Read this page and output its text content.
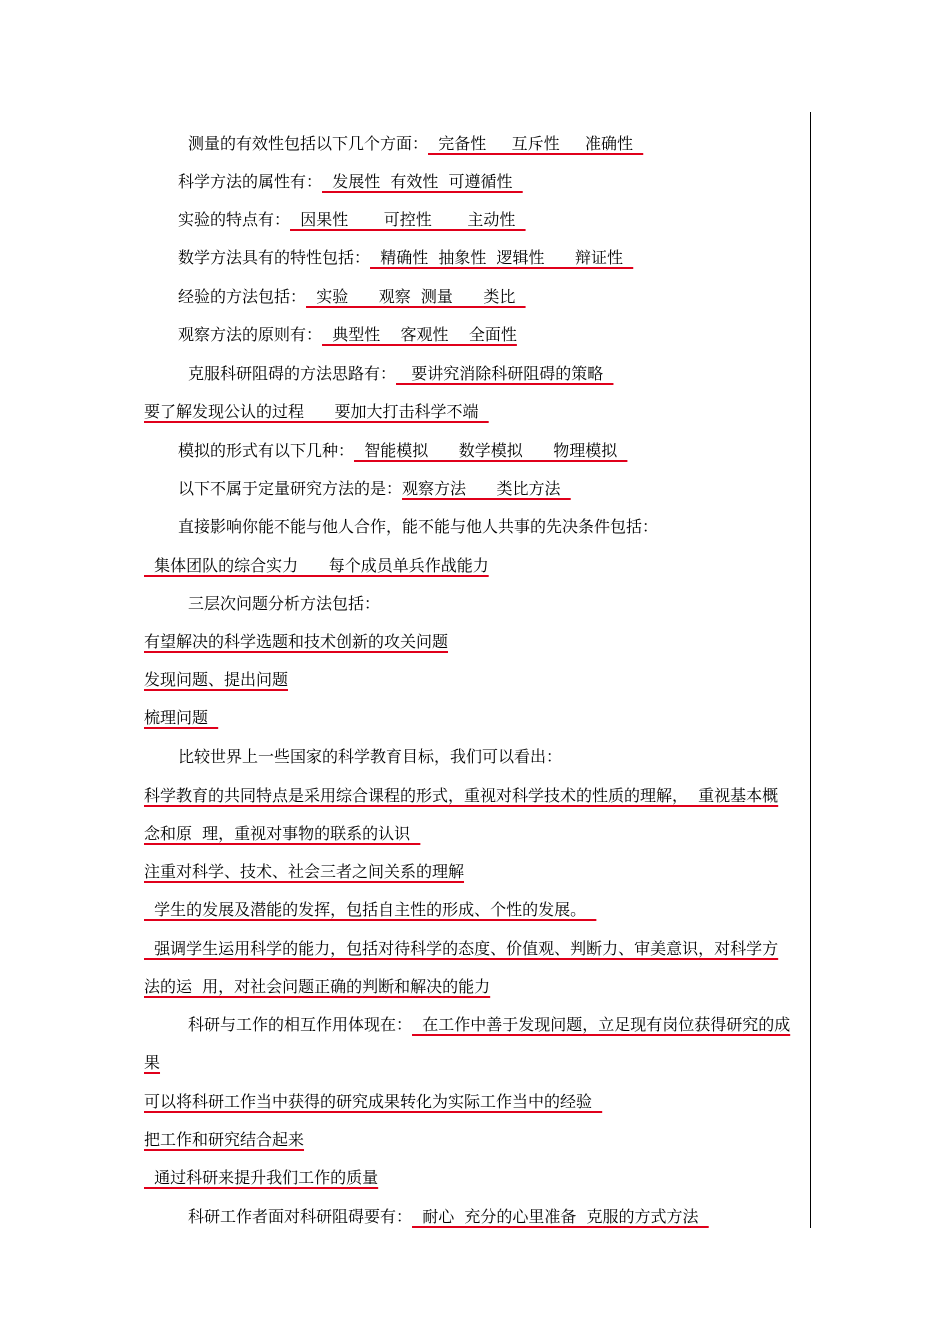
测量的有效性包括以下几个方面：  完备性     互斥性     准确性
科学方法的属性有：  发展性  有效性  可遵循性
实验的特点有：  因果性       可控性       主动性
数学方法具有的特性包括：  精确性  抽象性  逻辑性      辩证性
经验的方法包括：  实验      观察  测量      类比
观察方法的原则有：  典型性    客观性    全面性
克服科研阻碍的方法思路有：   要讲究消除科研阻碍的策略
要了解发现公认的过程      要加大打击科学不端
模拟的形式有以下几种：  智能模拟      数学模拟      物理模拟
以下不属于定量研究方法的是：观察方法      类比方法
直接影响你能不能与他人合作，能不能与他人共事的先决条件包括：
集体团队的综合实力      每个成员单兵作战能力
三层次问题分析方法包括：
有望解决的科学选题和技术创新的攻关问题
发现问题、提出问题
梳理问题
比较世界上一些国家的科学教育目标，我们可以看出：
科学教育的共同特点是采用综合课程的形式，重视对科学技术的性质的理解，  重视基本概
念和原  理，重视对事物的联系的认识
注重对科学、技术、社会三者之间关系的理解
学生的发展及潜能的发挥，包括自主性的形成、个性的发展。
强调学生运用科学的能力，包括对待科学的态度、价值观、判断力、审美意识，对科学方
法的运  用，对社会问题正确的判断和解决的能力
科研与工作的相互作用体现在：  在工作中善于发现问题，立足现有岗位获得研究的成
果
可以将科研工作当中获得的研究成果转化为实际工作当中的经验
把工作和研究结合起来
通过科研来提升我们工作的质量
科研工作者面对科研阻碍要有：  耐心  充分的心里准备  克服的方式方法
